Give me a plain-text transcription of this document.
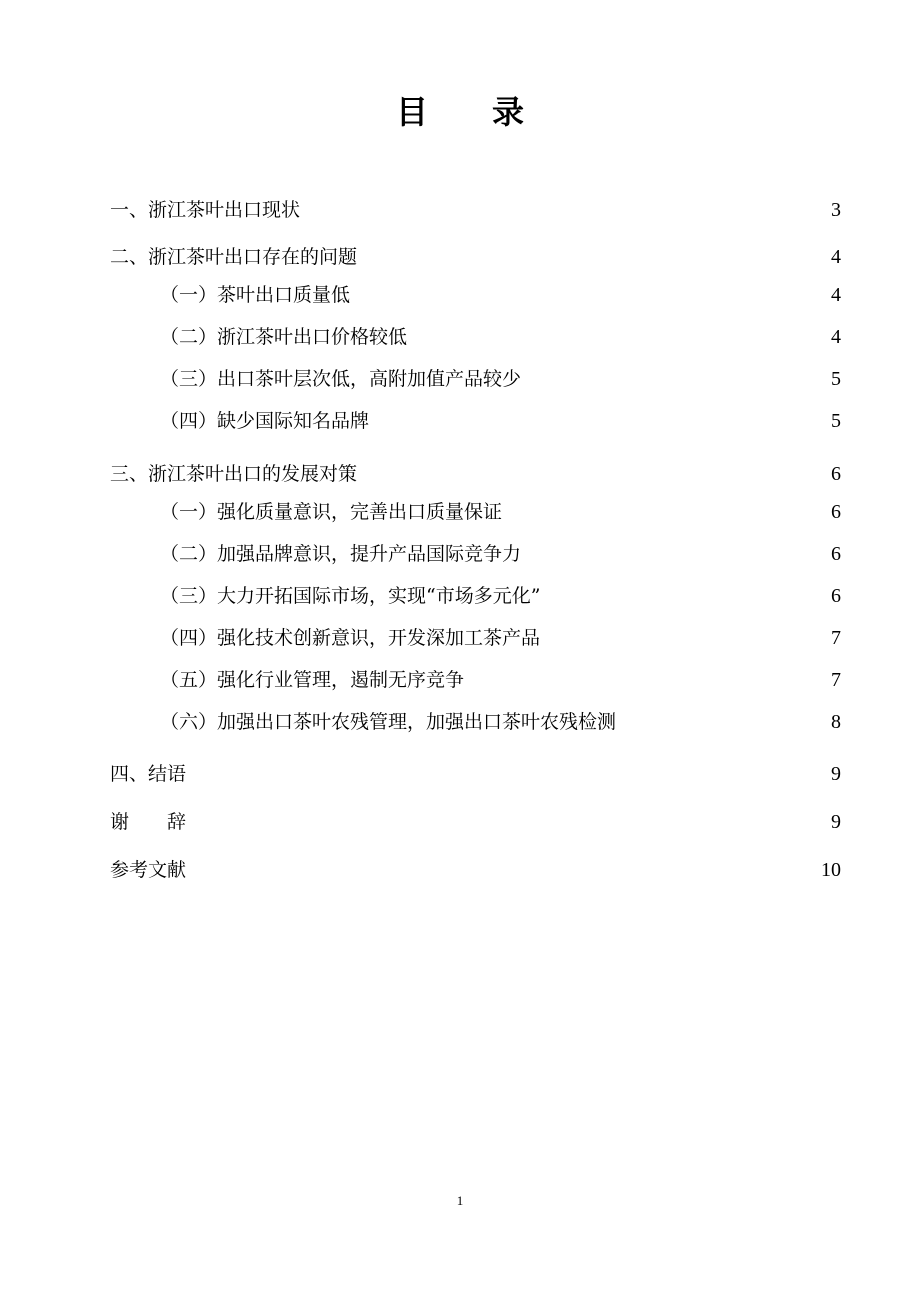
目　　录
一、浙江茶叶出口现状	3
二、浙江茶叶出口存在的问题	4
（一）茶叶出口质量低	4
（二）浙江茶叶出口价格较低	4
（三）出口茶叶层次低，高附加值产品较少	5
（四）缺少国际知名品牌	5
三、浙江茶叶出口的发展对策	6
（一）强化质量意识，完善出口质量保证	6
（二）加强品牌意识，提升产品国际竞争力	6
（三）大力开拓国际市场，实现“市场多元化”	6
（四）强化技术创新意识，开发深加工茶产品	7
（五）强化行业管理，遏制无序竞争	7
（六）加强出口茶叶农残管理，加强出口茶叶农残检测	8
四、结语	9
谢　　辞	9
参考文献	10
1
